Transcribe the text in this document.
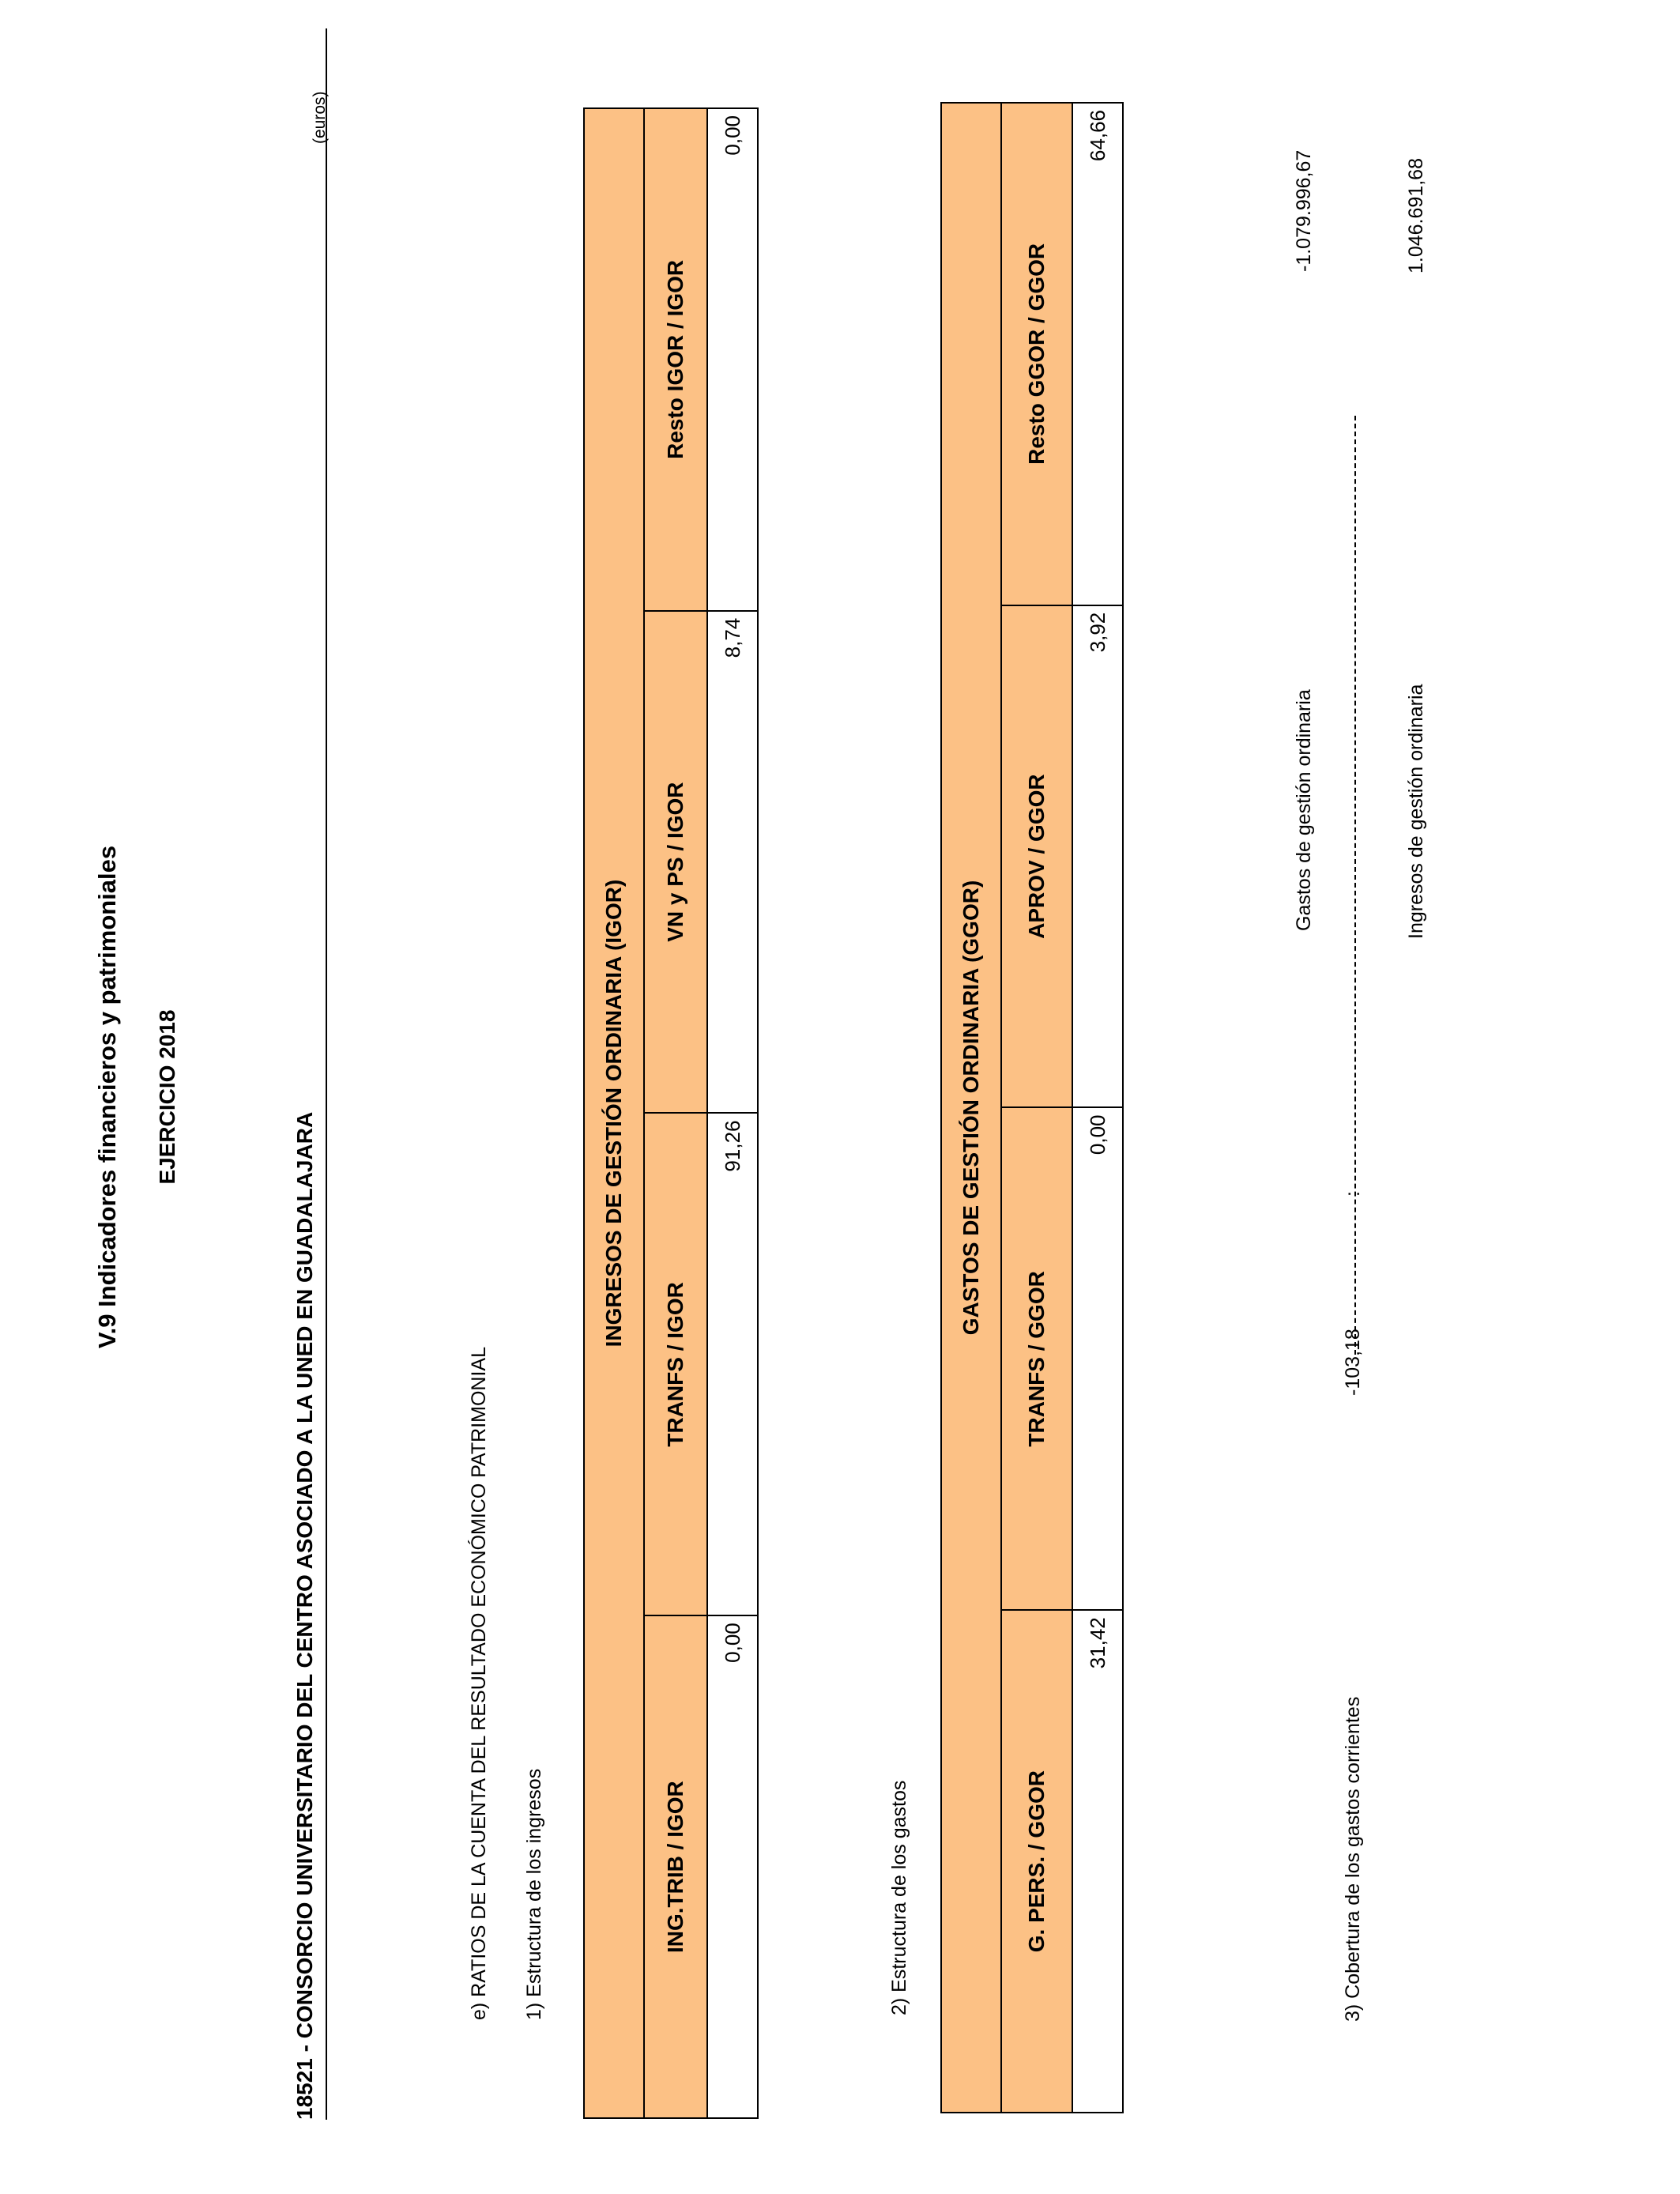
V.9 Indicadores financieros y patrimoniales EJERCICIO 2018
18521 - CONSORCIO UNIVERSITARIO DEL CENTRO ASOCIADO A LA UNED EN GUADALAJARA
(euros)
e) RATIOS DE LA CUENTA DEL RESULTADO ECONÓMICO PATRIMONIAL 1) Estructura de los ingresos
INGRESOS DE GESTIÓN ORDINARIA (IGOR)			
ING.TRIB / IGOR	TRANFS / IGOR	VN y PS / IGOR	Resto IGOR / IGOR
0,00	91,26	8,74	0,00
2) Estructura de los gastos
GASTOS DE GESTIÓN ORDINARIA (GGOR)			
G. PERS. / GGOR	TRANFS / GGOR	APROV / GGOR	Resto GGOR / GGOR
31,42	0,00	3,92	64,66
3) Cobertura de los gastos corrientes
-103,18
:
Gastos de gestión ordinaria
-1.079.996,67
Ingresos de gestión ordinaria
1.046.691,68
